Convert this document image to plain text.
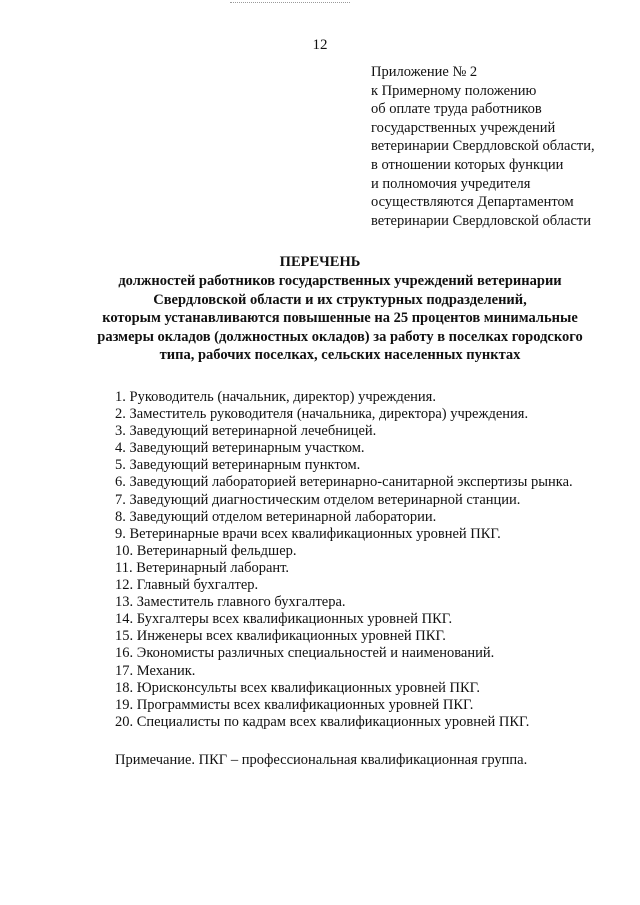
12
Приложение № 2
к Примерному положению
об оплате труда работников
государственных учреждений
ветеринарии Свердловской области,
в отношении которых функции
и полномочия учредителя
осуществляются Департаментом
ветеринарии Свердловской области
ПЕРЕЧЕНЬ
должностей работников государственных учреждений ветеринарии
Свердловской области и их структурных подразделений,
которым устанавливаются повышенные на 25 процентов минимальные
размеры окладов (должностных окладов) за работу в поселках городского
типа, рабочих поселках, сельских населенных пунктах
1. Руководитель (начальник, директор) учреждения.
2. Заместитель руководителя (начальника, директора) учреждения.
3. Заведующий ветеринарной лечебницей.
4. Заведующий ветеринарным участком.
5. Заведующий ветеринарным пунктом.
6. Заведующий лабораторией ветеринарно-санитарной экспертизы рынка.
7. Заведующий диагностическим отделом ветеринарной станции.
8. Заведующий отделом ветеринарной лаборатории.
9. Ветеринарные врачи всех квалификационных уровней ПКГ.
10. Ветеринарный фельдшер.
11. Ветеринарный лаборант.
12. Главный бухгалтер.
13. Заместитель главного бухгалтера.
14. Бухгалтеры всех квалификационных уровней ПКГ.
15. Инженеры всех квалификационных уровней ПКГ.
16. Экономисты различных специальностей и наименований.
17. Механик.
18. Юрисконсульты всех квалификационных уровней ПКГ.
19. Программисты всех квалификационных уровней ПКГ.
20. Специалисты по кадрам всех квалификационных уровней ПКГ.
Примечание. ПКГ – профессиональная квалификационная группа.
